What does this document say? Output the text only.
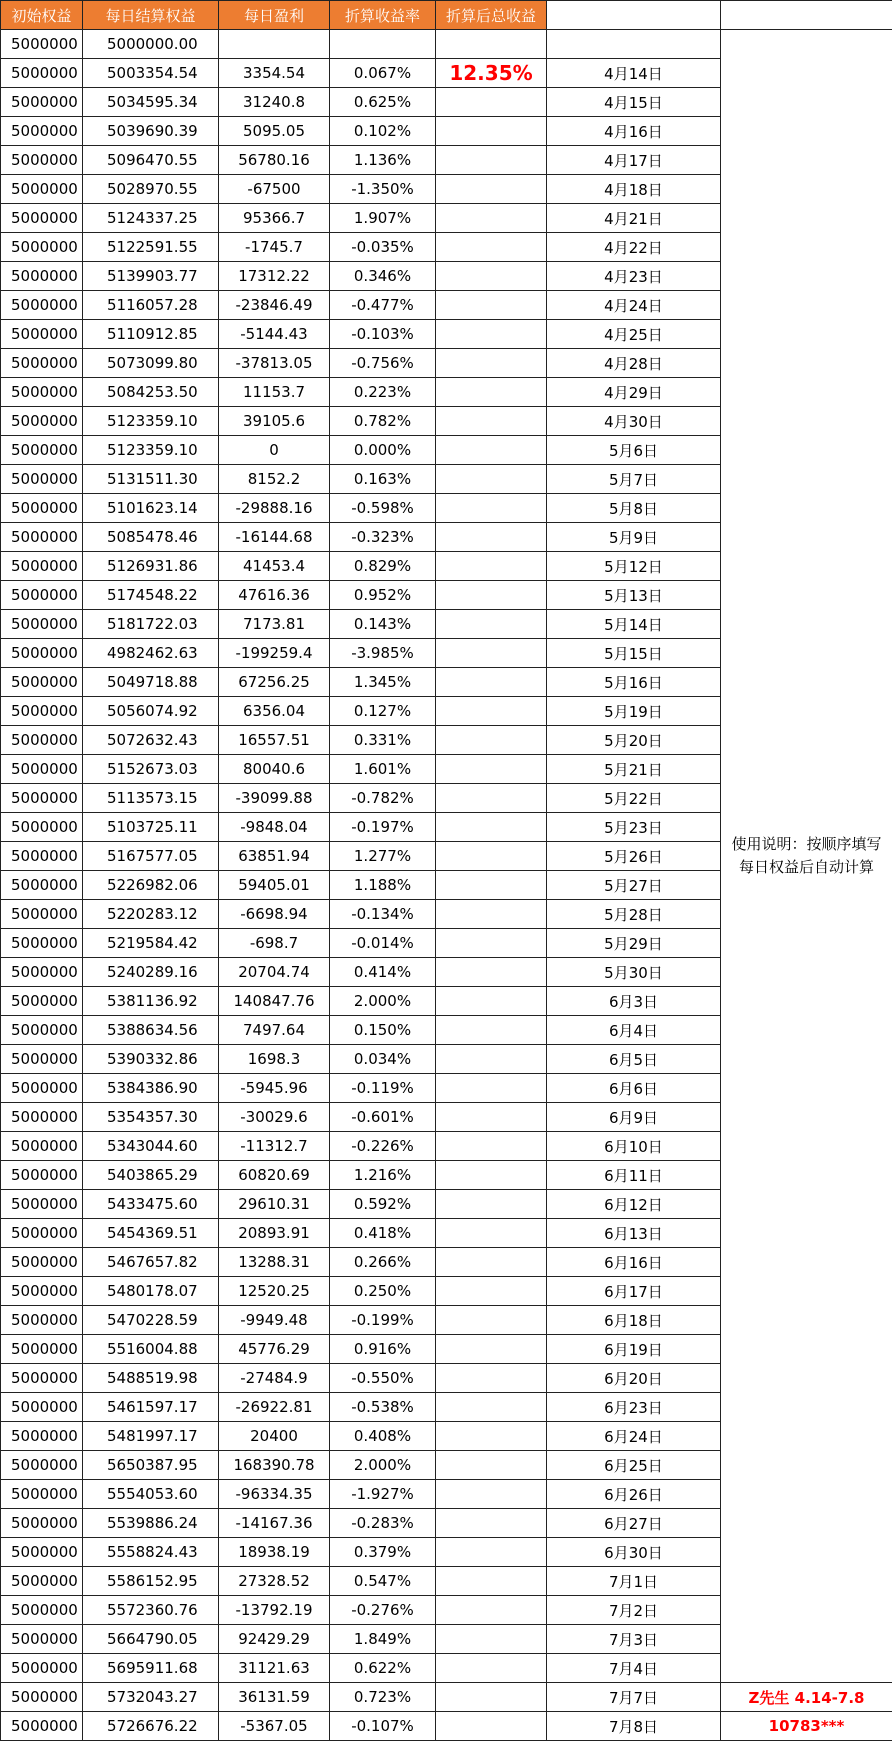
初始权益	每日结算权益	每日盈利	折算收益率	折算后总收益		
5000000	5000000.00					使用说明：按顺序填写每日权益后自动计算
5000000	5003354.54	3354.54	0.067%	12.35%	4月14日	
5000000	5034595.34	31240.8	0.625%		4月15日	
5000000	5039690.39	5095.05	0.102%		4月16日	
5000000	5096470.55	56780.16	1.136%		4月17日	
5000000	5028970.55	-67500	-1.350%		4月18日	
5000000	5124337.25	95366.7	1.907%		4月21日	
5000000	5122591.55	-1745.7	-0.035%		4月22日	
5000000	5139903.77	17312.22	0.346%		4月23日	
5000000	5116057.28	-23846.49	-0.477%		4月24日	
5000000	5110912.85	-5144.43	-0.103%		4月25日	
5000000	5073099.80	-37813.05	-0.756%		4月28日	
5000000	5084253.50	11153.7	0.223%		4月29日	
5000000	5123359.10	39105.6	0.782%		4月30日	
5000000	5123359.10	0	0.000%		5月6日	
5000000	5131511.30	8152.2	0.163%		5月7日	
5000000	5101623.14	-29888.16	-0.598%		5月8日	
5000000	5085478.46	-16144.68	-0.323%		5月9日	
5000000	5126931.86	41453.4	0.829%		5月12日	
5000000	5174548.22	47616.36	0.952%		5月13日	
5000000	5181722.03	7173.81	0.143%		5月14日	
5000000	4982462.63	-199259.4	-3.985%		5月15日	
5000000	5049718.88	67256.25	1.345%		5月16日	
5000000	5056074.92	6356.04	0.127%		5月19日	
5000000	5072632.43	16557.51	0.331%		5月20日	
5000000	5152673.03	80040.6	1.601%		5月21日	
5000000	5113573.15	-39099.88	-0.782%		5月22日	
5000000	5103725.11	-9848.04	-0.197%		5月23日	
5000000	5167577.05	63851.94	1.277%		5月26日	
5000000	5226982.06	59405.01	1.188%		5月27日	
5000000	5220283.12	-6698.94	-0.134%		5月28日	
5000000	5219584.42	-698.7	-0.014%		5月29日	
5000000	5240289.16	20704.74	0.414%		5月30日	
5000000	5381136.92	140847.76	2.000%		6月3日	
5000000	5388634.56	7497.64	0.150%		6月4日	
5000000	5390332.86	1698.3	0.034%		6月5日	
5000000	5384386.90	-5945.96	-0.119%		6月6日	
5000000	5354357.30	-30029.6	-0.601%		6月9日	
5000000	5343044.60	-11312.7	-0.226%		6月10日	
5000000	5403865.29	60820.69	1.216%		6月11日	
5000000	5433475.60	29610.31	0.592%		6月12日	
5000000	5454369.51	20893.91	0.418%		6月13日	
5000000	5467657.82	13288.31	0.266%		6月16日	
5000000	5480178.07	12520.25	0.250%		6月17日	
5000000	5470228.59	-9949.48	-0.199%		6月18日	
5000000	5516004.88	45776.29	0.916%		6月19日	
5000000	5488519.98	-27484.9	-0.550%		6月20日	
5000000	5461597.17	-26922.81	-0.538%		6月23日	
5000000	5481997.17	20400	0.408%		6月24日	
5000000	5650387.95	168390.78	2.000%		6月25日	
5000000	5554053.60	-96334.35	-1.927%		6月26日	
5000000	5539886.24	-14167.36	-0.283%		6月27日	
5000000	5558824.43	18938.19	0.379%		6月30日	
5000000	5586152.95	27328.52	0.547%		7月1日	
5000000	5572360.76	-13792.19	-0.276%		7月2日	
5000000	5664790.05	92429.29	1.849%		7月3日	
5000000	5695911.68	31121.63	0.622%		7月4日	
5000000	5732043.27	36131.59	0.723%		7月7日	Z先生 4.14-7.8
5000000	5726676.22	-5367.05	-0.107%		7月8日	10783***
